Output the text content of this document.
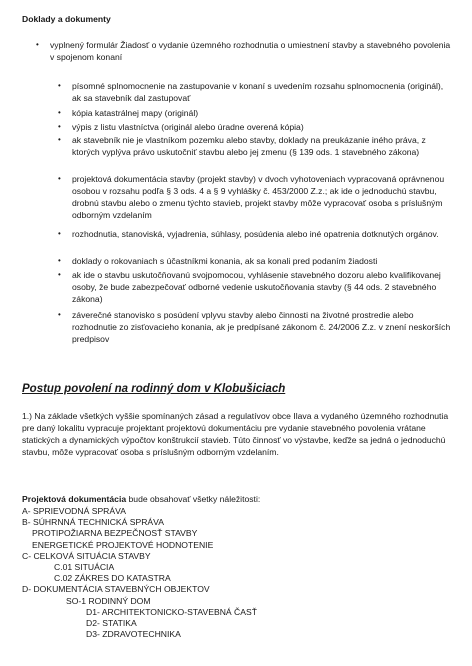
Doklady a dokumenty
•	vyplnený formulár Žiadosť o vydanie územného rozhodnutia o umiestnení stavby a stavebného povolenia v spojenom konaní
•	písomné splnomocnenie na zastupovanie v konaní s uvedením rozsahu splnomocnenia (originál), ak sa stavebník dal zastupovať
•	kópia katastrálnej mapy (originál)
•	výpis z listu vlastníctva (originál alebo úradne overená kópia)
•	ak stavebník nie je vlastníkom pozemku alebo stavby, doklady na preukázanie iného práva, z ktorých vyplýva právo uskutočniť stavbu alebo jej zmenu (§ 139 ods. 1 stavebného zákona)
•	projektová dokumentácia stavby (projekt stavby) v dvoch vyhotoveniach vypracovaná oprávnenou osobou v rozsahu podľa § 3 ods. 4 a § 9 vyhlášky č. 453/2000 Z.z.; ak ide o jednoduchú stavbu, drobnú stavbu alebo o zmenu týchto stavieb, projekt stavby môže vypracovať osoba s príslušným odborným vzdelaním
•	rozhodnutia, stanoviská, vyjadrenia, súhlasy, posúdenia alebo iné opatrenia dotknutých orgánov.
•	doklady o rokovaniach s účastníkmi konania, ak sa konali pred podaním žiadosti
•	ak ide o stavbu uskutočňovanú svojpomocou, vyhlásenie stavebného dozoru alebo kvalifikovanej osoby, že bude zabezpečovať odborné vedenie uskutočňovania stavby (§ 44 ods. 2 stavebného zákona)
•	záverečné stanovisko s posúdení vplyvu stavby alebo činnosti na životné prostredie alebo rozhodnutie zo zisťovacieho konania, ak je predpísané zákonom č. 24/2006 Z.z. v znení neskorších predpisov
Postup povolení na rodinný dom v Klobušiciach
1.) Na základe všetkých vyššie spomínaných zásad a regulatívov obce Ilava a vydaného územného rozhodnutia pre daný lokalitu vypracuje projektant projektovú dokumentáciu pre vydanie stavebného povolenia vrátane statických a dynamických výpočtov konštrukcií stavieb. Túto činnosť vo výstavbe, keďže sa jedná o jednoduchú stavbu, môže vypracovať osoba s príslušným odborným vzdelaním.
Projektová dokumentácia bude obsahovať všetky náležitosti:
A- SPRIEVODNÁ SPRÁVA
B- SÚHRNNÁ TECHNICKÁ SPRÁVA
PROTIPOŽIARNA BEZPEČNOSŤ STAVBY
ENERGETICKÉ PROJEKTOVÉ HODNOTENIE
C- CELKOVÁ SITUÁCIA STAVBY
C.01 SITUÁCIA
C.02 ZÁKRES DO KATASTRA
D- DOKUMENTÁCIA STAVEBNÝCH OBJEKTOV
SO-1 RODINNÝ DOM
D1- ARCHITEKTONICKO-STAVEBNÁ ČASŤ
D2- STATIKA
D3- ZDRAVOTECHNIKA
